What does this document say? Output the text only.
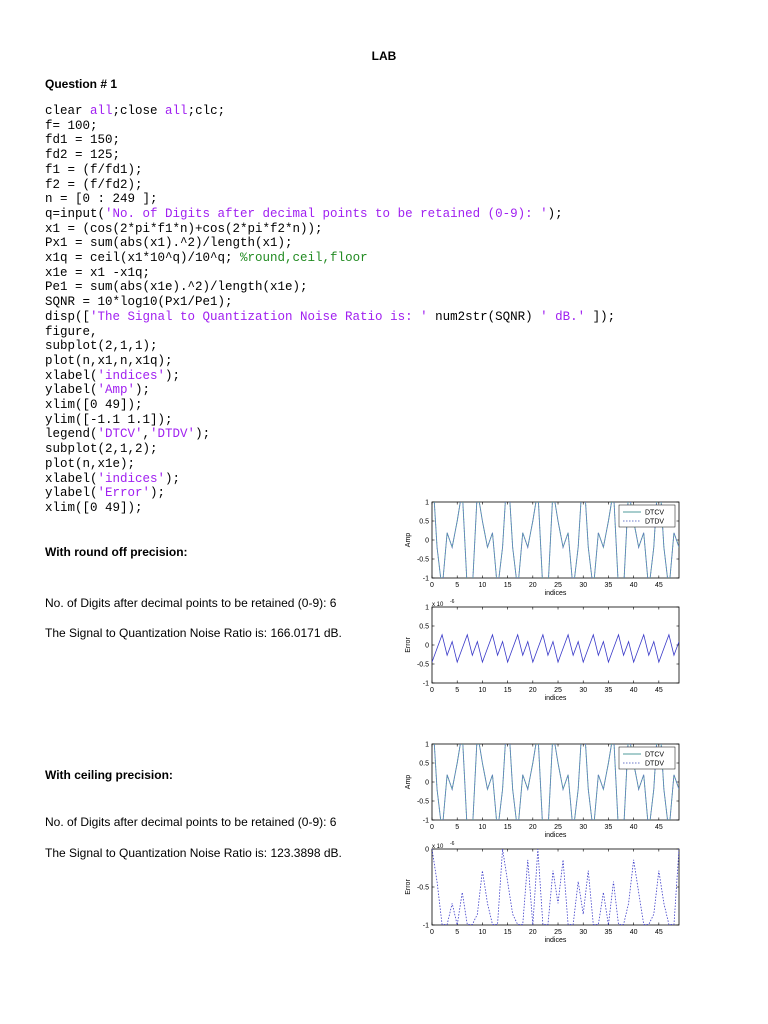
LAB
Question # 1
clear all;close all;clc;
f= 100;
fd1 = 150;
fd2 = 125;
f1 = (f/fd1);
f2 = (f/fd2);
n = [0 : 249 ];
q=input('No. of Digits after decimal points to be retained (0-9): ');
x1 = (cos(2*pi*f1*n)+cos(2*pi*f2*n));
Px1 = sum(abs(x1).^2)/length(x1);
x1q = ceil(x1*10^q)/10^q; %round,ceil,floor
x1e = x1 -x1q;
Pe1 = sum(abs(x1e).^2)/length(x1e);
SQNR = 10*log10(Px1/Pe1);
disp(['The Signal to Quantization Noise Ratio is: ' num2str(SQNR) ' dB.' ]);
figure,
subplot(2,1,1);
plot(n,x1,n,x1q);
xlabel('indices');
ylabel('Amp');
xlim([0 49]);
ylim([-1.1 1.1]);
legend('DTCV','DTDV');
subplot(2,1,2);
plot(n,x1e);
xlabel('indices');
ylabel('Error');
xlim([0 49]);
With round off precision:
No. of Digits after decimal points to be retained (0-9): 6
The Signal to Quantization Noise Ratio is: 166.0171 dB.
With ceiling precision:
No. of Digits after decimal points to be retained (0-9): 6
The Signal to Quantization Noise Ratio is: 123.3898 dB.
0	5	10 15 20 25 30 35 40 45
1
0.5
0
-0.5
-1
indices
Amp
DTCV
DTDV
0	5	10 15 20 25 30 35 40 45
1
0.5
0
-0.5
-1
indices
Error
x 10 -6
0	5	10 15 20 25 30 35 40 45
1
0.5
0
-0.5
-1
indices
Amp
DTCV
DTDV
0	5	10 15 20 25 30 35 40 45
0
-0.5
-1
indices
Error
x 10 -6
